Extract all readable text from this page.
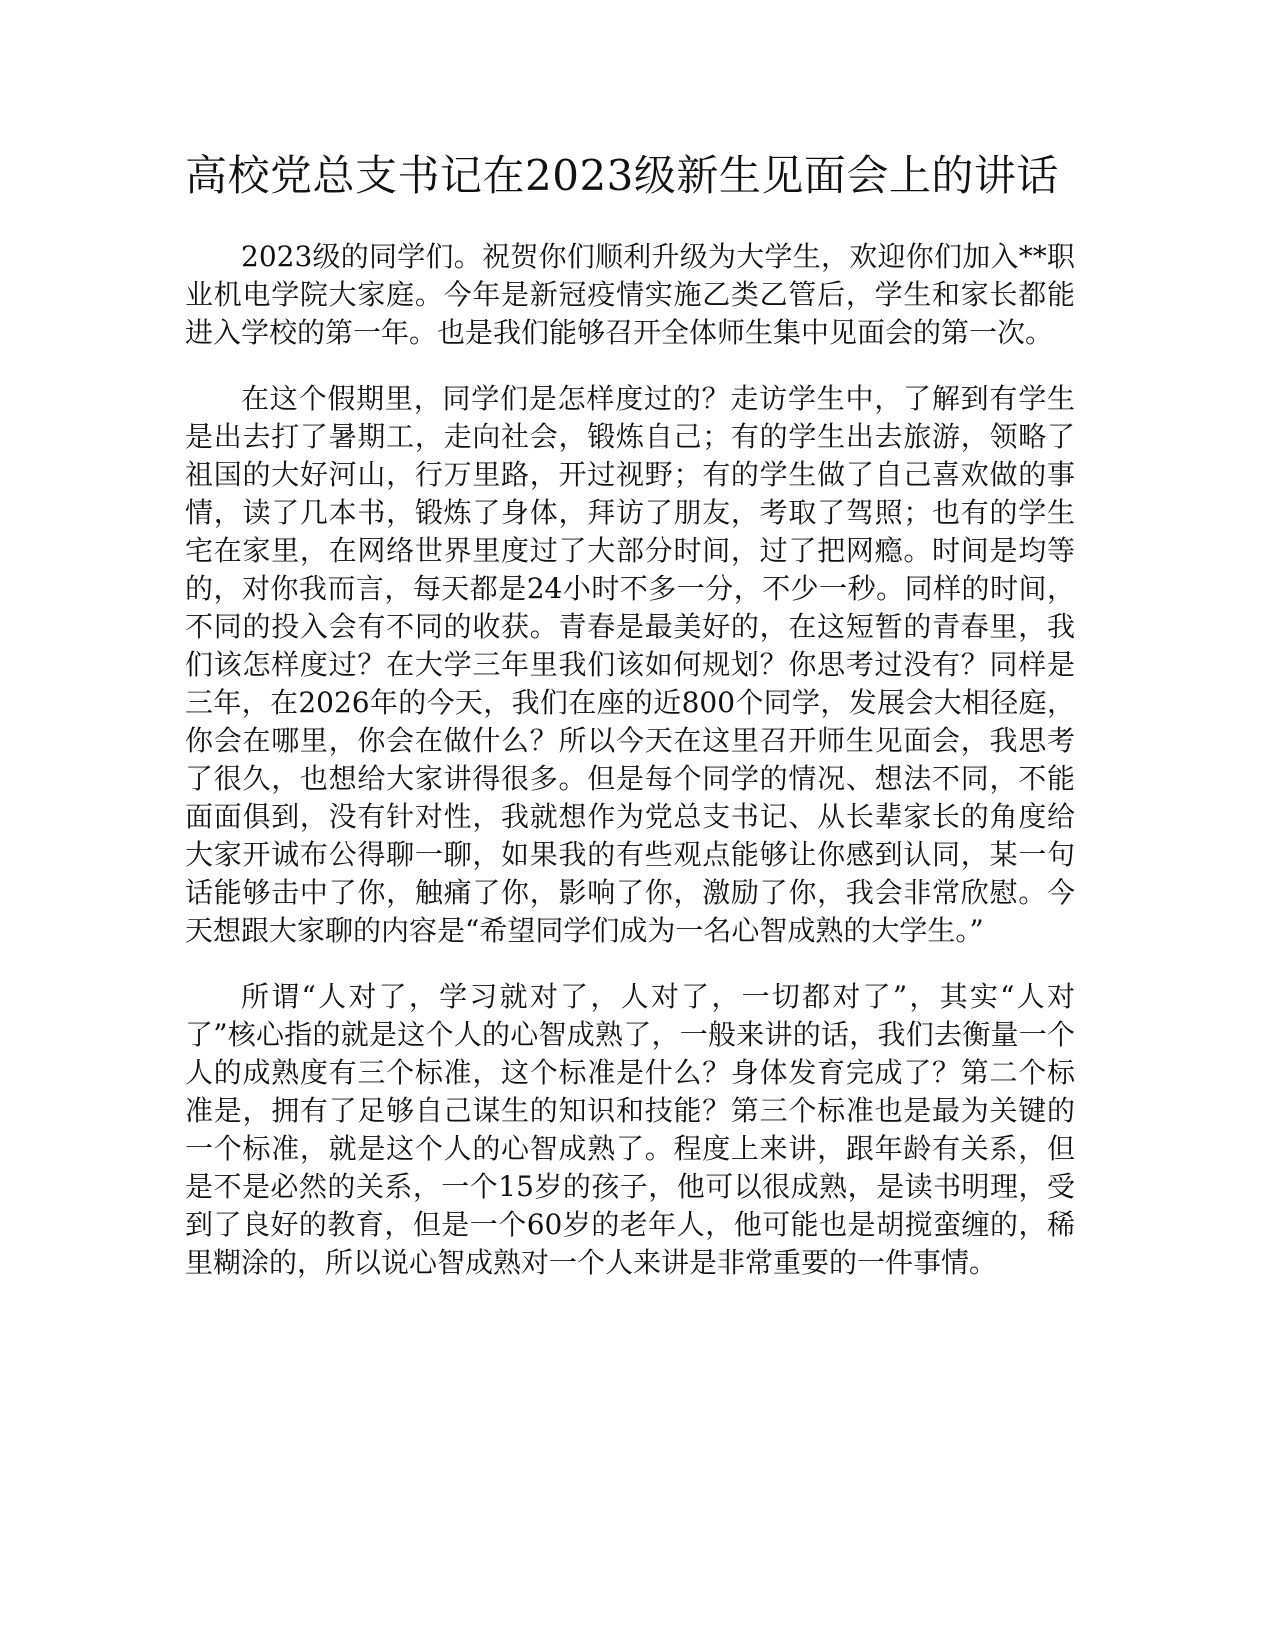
高校党总支书记在2023级新生见面会上的讲话

2023级的同学们。祝贺你们顺利升级为大学生，欢迎你们加入**职业机电学院大家庭。今年是新冠疫情实施乙类乙管后，学生和家长都能进入学校的第一年。也是我们能够召开全体师生集中见面会的第一次。

在这个假期里，同学们是怎样度过的？走访学生中，了解到有学生是出去打了暑期工，走向社会，锻炼自己；有的学生出去旅游，领略了祖国的大好河山，行万里路，开过视野；有的学生做了自己喜欢做的事情，读了几本书，锻炼了身体，拜访了朋友，考取了驾照；也有的学生宅在家里，在网络世界里度过了大部分时间，过了把网瘾。时间是均等的，对你我而言，每天都是24小时不多一分，不少一秒。同样的时间，不同的投入会有不同的收获。青春是最美好的，在这短暂的青春里，我们该怎样度过？在大学三年里我们该如何规划？你思考过没有？同样是三年，在2026年的今天，我们在座的近800个同学，发展会大相径庭，你会在哪里，你会在做什么？所以今天在这里召开师生见面会，我思考了很久，也想给大家讲得很多。但是每个同学的情况、想法不同，不能面面俱到，没有针对性，我就想作为党总支书记、从长辈家长的角度给大家开诚布公得聊一聊，如果我的有些观点能够让你感到认同，某一句话能够击中了你，触痛了你，影响了你，激励了你，我会非常欣慰。今天想跟大家聊的内容是“希望同学们成为一名心智成熟的大学生。”

所谓“人对了，学习就对了，人对了，一切都对了”，其实“人对了”核心指的就是这个人的心智成熟了，一般来讲的话，我们去衡量一个人的成熟度有三个标准，这个标准是什么？身体发育完成了？第二个标准是，拥有了足够自己谋生的知识和技能？第三个标准也是最为关键的一个标准，就是这个人的心智成熟了。程度上来讲，跟年龄有关系，但是不是必然的关系，一个15岁的孩子，他可以很成熟，是读书明理，受到了良好的教育，但是一个60岁的老年人，他可能也是胡搅蛮缠的，稀里糊涂的，所以说心智成熟对一个人来讲是非常重要的一件事情。
